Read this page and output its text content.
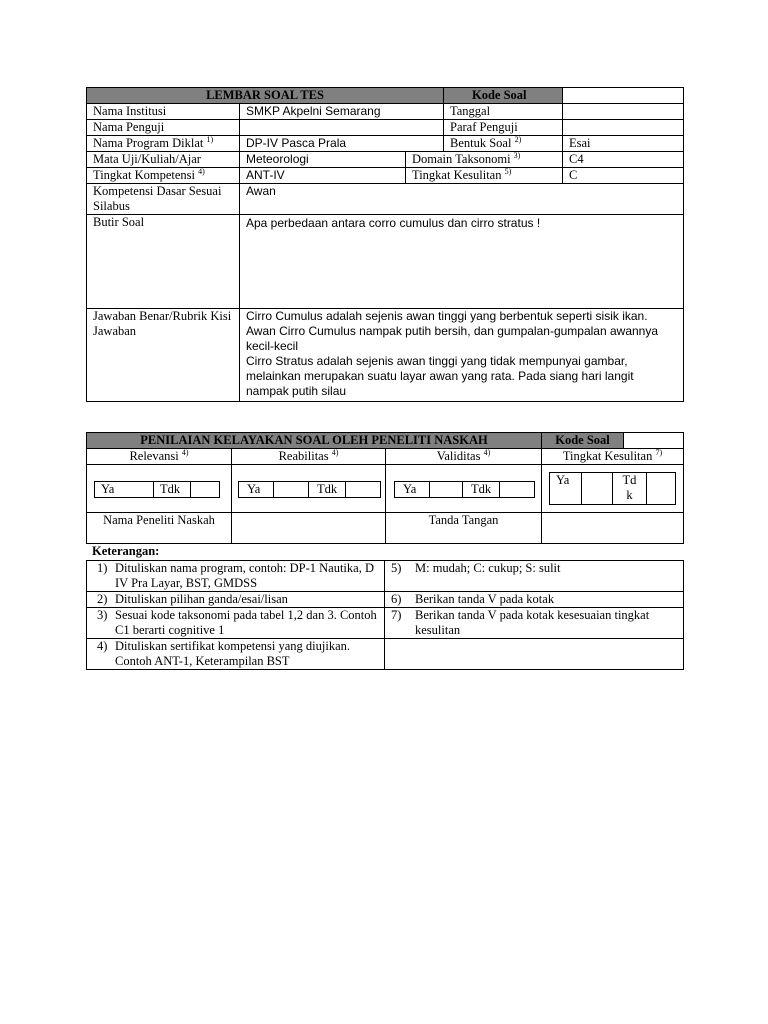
LEMBAR SOAL TES			Kode Soal	
Nama Institusi	SMKP Akpelni Semarang		Tanggal	
Nama Penguji			Paraf Penguji	
Nama Program Diklat $^{1)}$	DP-IV Pasca Prala		Bentuk Soal $^{2)}$	Esai
Mata Uji/Kuliah/Ajar	Meteorologi	Domain Taksonomi $^{3)}$		C4
Tingkat Kompetensi $^{4)}$	ANT-IV	Tingkat Kesulitan $^{5)}$		C
Kompetensi Dasar Sesuai Silabus	Awan			
Butir Soal	Apa perbedaan antara corro cumulus dan cirro stratus !			
Jawaban Benar/Rubrik Kisi Jawaban	Cirro Cumulus adalah sejenis awan tinggi yang berbentuk seperti sisik ikan. Awan Cirro Cumulus nampak putih bersih, dan gumpalan-gumpalan awannya kecil-kecil
Cirro Stratus adalah sejenis awan tinggi yang tidak mempunyai gambar, melainkan merupakan suatu layar awan yang rata. Pada siang hari langit nampak putih silau			
PENILAIAN KELAYAKAN SOAL OLEH PENELITI NASKAH			Kode Soal	
Relevansi $^{4)}$	Reabilitas $^{4)}$	Validitas $^{4)}$	Tingkat Kesulitan $^{7)}$
Ya Tdk	Ya Tdk	Ya Tdk	Ya Td
k	
Nama Peneliti Naskah		Tanda Tangan		
Keterangan:
1) Dituliskan nama program, contoh: DP-1 Nautika, D IV Pra Layar, BST, GMDSS	5) M: mudah; C: cukup; S: sulit

2) Dituliskan pilihan ganda/esai/lisan	6) Berikan tanda V pada kotak

3) Sesuai kode taksonomi pada tabel 1,2 dan 3. Contoh C1 berarti cognitive 1	7) Berikan tanda V pada kotak kesesuaian tingkat kesulitan

4) Dituliskan sertifikat kompetensi yang diujikan. Contoh ANT-1, Keterampilan BST	
